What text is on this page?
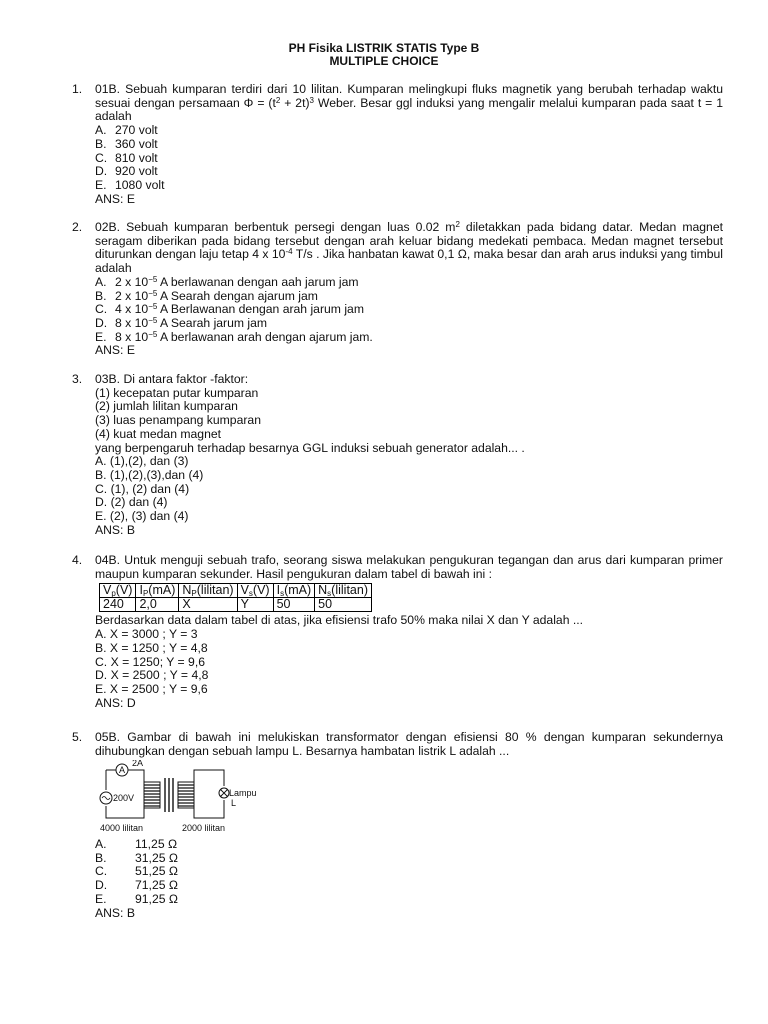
PH Fisika LISTRIK STATIS Type B
MULTIPLE CHOICE
1.	01B. Sebuah kumparan terdiri dari 10 lilitan. Kumparan melingkupi fluks magnetik yang berubah terhadap waktu sesuai dengan persamaan $\Phi = (t^2 + 2t)^3$ Weber. Besar ggl induksi yang mengalir melalui kumparan pada saat t = 1 adalah
A. 270 volt
B. 360 volt
C. 810 volt
D. 920 volt
E. 1080 volt
ANS: E
2.	02B. Sebuah kumparan berbentuk persegi dengan luas 0.02 $m^2$ diletakkan pada bidang datar. Medan magnet seragam diberikan pada bidang tersebut dengan arah keluar bidang medekati pembaca. Medan magnet tersebut diturunkan dengan laju tetap 4 x $10^{-4}$ T/s . Jika hanbatan kawat 0,1 Ω, maka besar dan arah arus induksi yang timbul adalah
A. 2 x $10^{-5}$ A berlawanan dengan aah jarum jam
B. 2 x $10^{-5}$ A Searah dengan ajarum jam
C. 4 x $10^{-5}$ A Berlawanan dengan arah jarum jam
D. 8 x $10^{-5}$ A Searah jarum jam
E. 8 x $10^{-5}$ A berlawanan arah dengan ajarum jam.
ANS: E
3.	03B. Di antara faktor -faktor:
(1) kecepatan putar kumparan
(2) jumlah lilitan kumparan
(3) luas penampang kumparan
(4) kuat medan magnet
yang berpengaruh terhadap besarnya GGL induksi sebuah generator adalah... .
A. (1),(2), dan (3)
B. (1),(2),(3),dan (4)
C. (1), (2) dan (4)
D. (2) dan (4)
E. (2), (3) dan (4)
ANS: B
4.	04B. Untuk menguji sebuah trafo, seorang siswa melakukan pengukuran tegangan dan arus dari kumparan primer maupun kumparan sekunder. Hasil pengukuran dalam tabel di bawah ini :
$V_p(V)$	$I_P(mA)$	$N_P(lilitan)$	$V_s(V)$	$I_s(mA)$	$N_s(lilitan)$
240	2,0	X	Y	50	50
Berdasarkan data dalam tabel di atas, jika efisiensi trafo 50% maka nilai X dan Y adalah ...
A. X = 3000 ; Y = 3
B. X = 1250 ; Y = 4,8
C. X = 1250; Y = 9,6
D. X = 2500 ; Y = 4,8
E. X = 2500 ; Y = 9,6
ANS: D
5.	05B. Gambar di bawah ini melukiskan transformator dengan efisiensi 80 % dengan kumparan sekundernya dihubungkan dengan sebuah lampu L. Besarnya hambatan listrik L adalah ...
A
2A
200V	Lampu
L
4000 lilitan	2000 lilitan
A. 11,25 Ω
B. 31,25 Ω
C. 51,25 Ω
D. 71,25 Ω
E. 91,25 Ω
ANS: B
